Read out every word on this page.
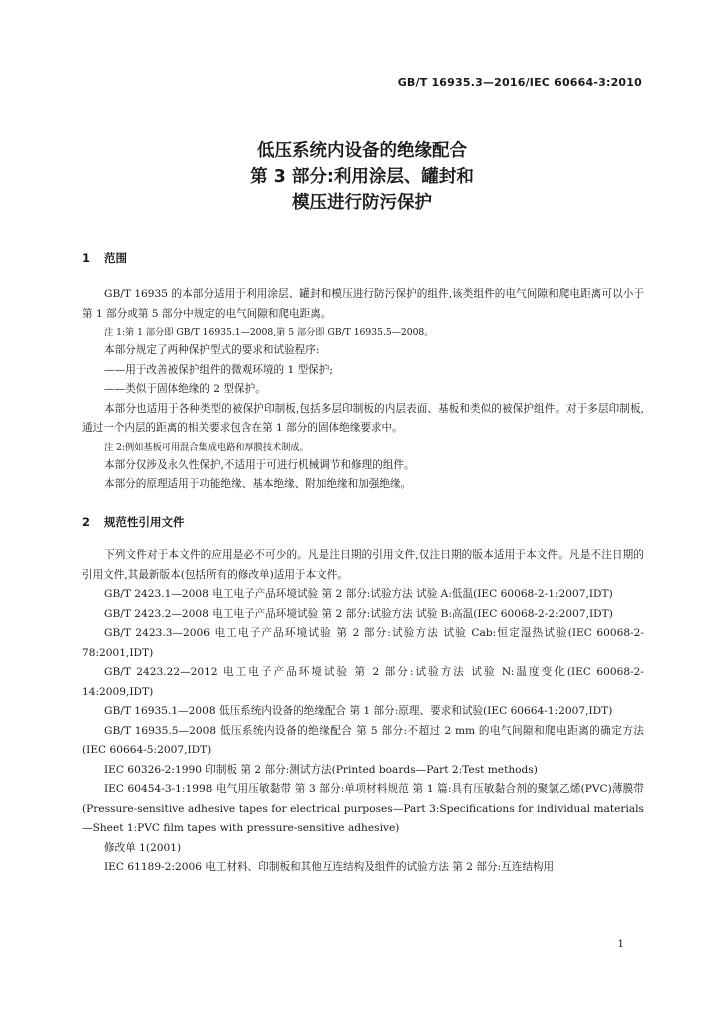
GB/T 16935.3—2016/IEC 60664-3:2010
低压系统内设备的绝缘配合
第 3 部分:利用涂层、罐封和
模压进行防污保护
1 范围

GB/T 16935 的本部分适用于利用涂层、罐封和模压进行防污保护的组件,该类组件的电气间隙和爬电距离可以小于第 1 部分或第 5 部分中规定的电气间隙和爬电距离。

注 1:第 1 部分即 GB/T 16935.1—2008,第 5 部分即 GB/T 16935.5—2008。

本部分规定了两种保护型式的要求和试验程序:

——用于改善被保护组件的微观环境的 1 型保护;

——类似于固体绝缘的 2 型保护。

本部分也适用于各种类型的被保护印制板,包括多层印制板的内层表面、基板和类似的被保护组件。对于多层印制板,通过一个内层的距离的相关要求包含在第 1 部分的固体绝缘要求中。

注 2:例如基板可用混合集成电路和厚膜技术制成。

本部分仅涉及永久性保护,不适用于可进行机械调节和修理的组件。

本部分的原理适用于功能绝缘、基本绝缘、附加绝缘和加强绝缘。

2 规范性引用文件

下列文件对于本文件的应用是必不可少的。凡是注日期的引用文件,仅注日期的版本适用于本文件。凡是不注日期的引用文件,其最新版本(包括所有的修改单)适用于本文件。

GB/T 2423.1—2008 电工电子产品环境试验 第 2 部分:试验方法 试验 A:低温(IEC 60068-2-1:2007,IDT)

GB/T 2423.2—2008 电工电子产品环境试验 第 2 部分:试验方法 试验 B:高温(IEC 60068-2-2:2007,IDT)

GB/T 2423.3—2006 电工电子产品环境试验 第 2 部分:试验方法 试验 Cab:恒定湿热试验(IEC 60068-2-78:2001,IDT)

GB/T 2423.22—2012 电工电子产品环境试验 第 2 部分:试验方法 试验 N:温度变化(IEC 60068-2-14:2009,IDT)

GB/T 16935.1—2008 低压系统内设备的绝缘配合 第 1 部分:原理、要求和试验(IEC 60664-1:2007,IDT)

GB/T 16935.5—2008 低压系统内设备的绝缘配合 第 5 部分:不超过 2 mm 的电气间隙和爬电距离的确定方法(IEC 60664-5:2007,IDT)

IEC 60326-2:1990 印制板 第 2 部分:测试方法(Printed boards—Part 2:Test methods)

IEC 60454-3-1:1998 电气用压敏黏带 第 3 部分:单项材料规范 第 1 篇:具有压敏黏合剂的聚氯乙烯(PVC)薄膜带(Pressure-sensitive adhesive tapes for electrical purposes—Part 3:Specifications for individual materials—Sheet 1:PVC film tapes with pressure-sensitive adhesive)

修改单 1(2001)

IEC 61189-2:2006 电工材料、印制板和其他互连结构及组件的试验方法 第 2 部分:互连结构用

1
